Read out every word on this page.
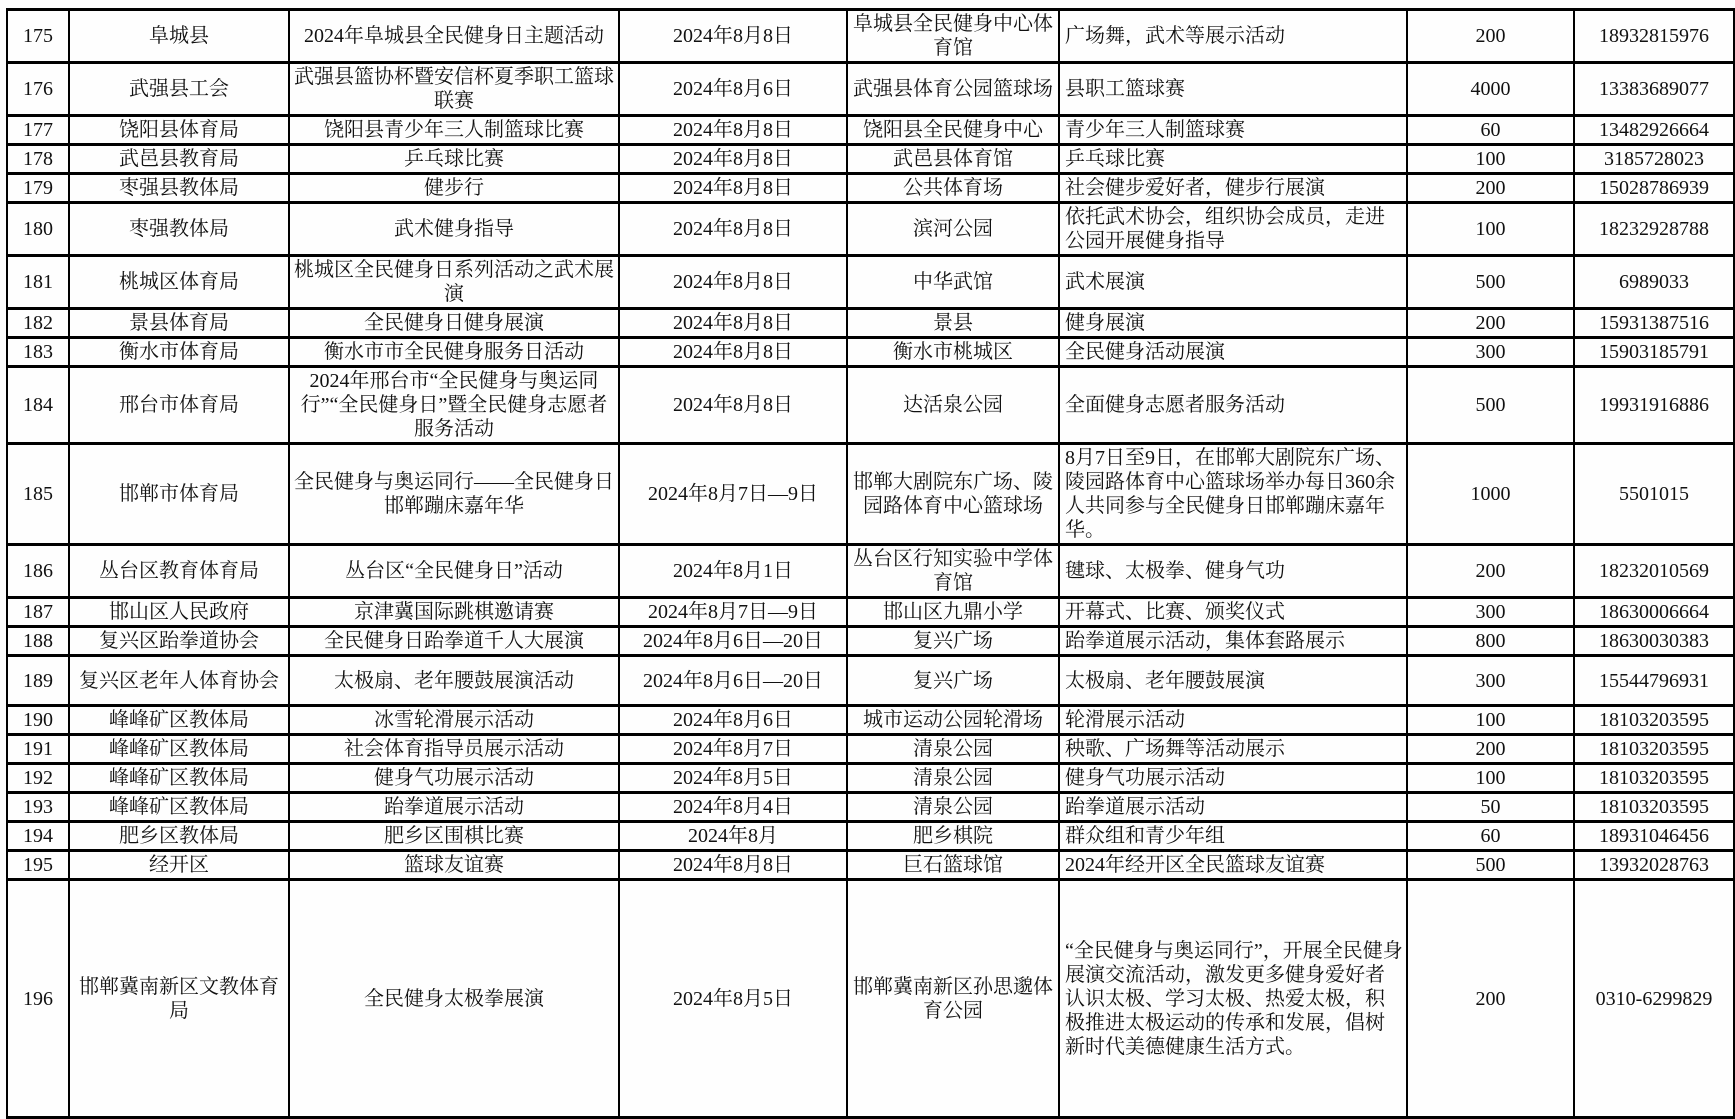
175	阜城县	2024年阜城县全民健身日主题活动	2024年8月8日	阜城县全民健身中心体育馆	广场舞，武术等展示活动	200	18932815976
176	武强县工会	武强县篮协杯暨安信杯夏季职工篮球联赛	2024年8月6日	武强县体育公园篮球场	县职工篮球赛	4000	13383689077
177	饶阳县体育局	饶阳县青少年三人制篮球比赛	2024年8月8日	饶阳县全民健身中心	青少年三人制篮球赛	60	13482926664
178	武邑县教育局	乒乓球比赛	2024年8月8日	武邑县体育馆	乒乓球比赛	100	3185728023
179	枣强县教体局	健步行	2024年8月8日	公共体育场	社会健步爱好者，健步行展演	200	15028786939
180	枣强教体局	武术健身指导	2024年8月8日	滨河公园	依托武术协会，组织协会成员，走进公园开展健身指导	100	18232928788
181	桃城区体育局	桃城区全民健身日系列活动之武术展演	2024年8月8日	中华武馆	武术展演	500	6989033
182	景县体育局	全民健身日健身展演	2024年8月8日	景县	健身展演	200	15931387516
183	衡水市体育局	衡水市市全民健身服务日活动	2024年8月8日	衡水市桃城区	全民健身活动展演	300	15903185791
184	邢台市体育局	2024年邢台市“全民健身与奥运同行”“全民健身日”暨全民健身志愿者服务活动	2024年8月8日	达活泉公园	全面健身志愿者服务活动	500	19931916886
185	邯郸市体育局	全民健身与奥运同行——全民健身日邯郸蹦床嘉年华	2024年8月7日—9日	邯郸大剧院东广场、陵园路体育中心篮球场	8月7日至9日，在邯郸大剧院东广场、陵园路体育中心篮球场举办每日360余人共同参与全民健身日邯郸蹦床嘉年华。	1000	5501015
186	丛台区教育体育局	丛台区“全民健身日”活动	2024年8月1日	丛台区行知实验中学体育馆	毽球、太极拳、健身气功	200	18232010569
187	邯山区人民政府	京津冀国际跳棋邀请赛	2024年8月7日—9日	邯山区九鼎小学	开幕式、比赛、颁奖仪式	300	18630006664
188	复兴区跆拳道协会	全民健身日跆拳道千人大展演	2024年8月6日—20日	复兴广场	跆拳道展示活动，集体套路展示	800	18630030383
189	复兴区老年人体育协会	太极扇、老年腰鼓展演活动	2024年8月6日—20日	复兴广场	太极扇、老年腰鼓展演	300	15544796931
190	峰峰矿区教体局	冰雪轮滑展示活动	2024年8月6日	城市运动公园轮滑场	轮滑展示活动	100	18103203595
191	峰峰矿区教体局	社会体育指导员展示活动	2024年8月7日	清泉公园	秧歌、广场舞等活动展示	200	18103203595
192	峰峰矿区教体局	健身气功展示活动	2024年8月5日	清泉公园	健身气功展示活动	100	18103203595
193	峰峰矿区教体局	跆拳道展示活动	2024年8月4日	清泉公园	跆拳道展示活动	50	18103203595
194	肥乡区教体局	肥乡区围棋比赛	2024年8月	肥乡棋院	群众组和青少年组	60	18931046456
195	经开区	篮球友谊赛	2024年8月8日	巨石篮球馆	2024年经开区全民篮球友谊赛	500	13932028763
196	邯郸冀南新区文教体育局	全民健身太极拳展演	2024年8月5日	邯郸冀南新区孙思邈体育公园	“全民健身与奥运同行”，开展全民健身展演交流活动，激发更多健身爱好者认识太极、学习太极、热爱太极，积极推进太极运动的传承和发展，倡树新时代美德健康生活方式。	200	0310-6299829
